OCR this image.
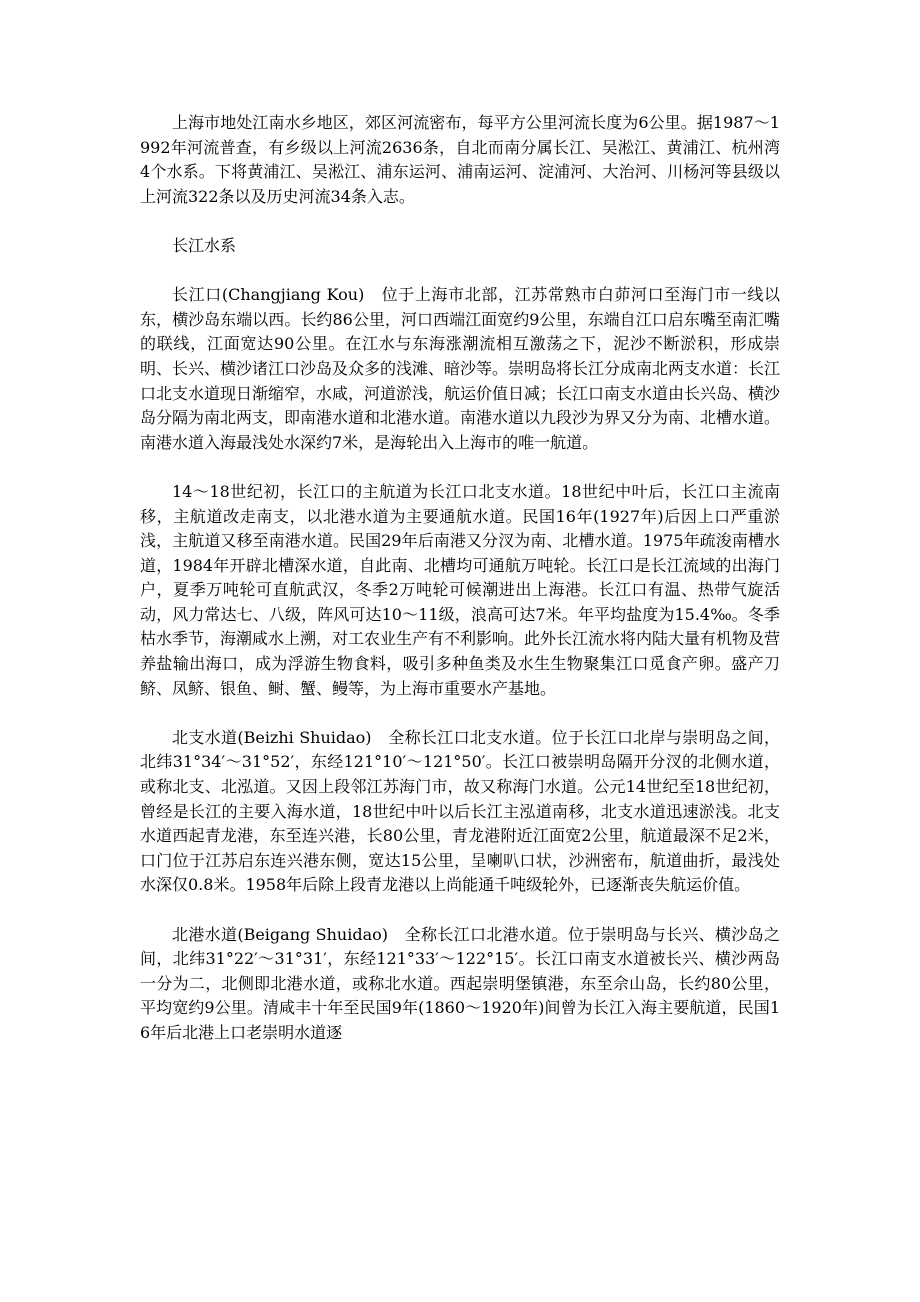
上海市地处江南水乡地区，郊区河流密布，每平方公里河流长度为6公里。据1987～1992年河流普查，有乡级以上河流2636条，自北而南分属长江、吴淞江、黄浦江、杭州湾4个水系。下将黄浦江、吴淞江、浦东运河、浦南运河、淀浦河、大治河、川杨河等县级以上河流322条以及历史河流34条入志。

长江水系

长江口(Changjiang Kou)　位于上海市北部，江苏常熟市白茆河口至海门市一线以东，横沙岛东端以西。长约86公里，河口西端江面宽约9公里，东端自江口启东嘴至南汇嘴的联线，江面宽达90公里。在江水与东海涨潮流相互激荡之下，泥沙不断淤积，形成崇明、长兴、横沙诸江口沙岛及众多的浅滩、暗沙等。崇明岛将长江分成南北两支水道：长江口北支水道现日渐缩窄，水咸，河道淤浅，航运价值日减；长江口南支水道由长兴岛、横沙岛分隔为南北两支，即南港水道和北港水道。南港水道以九段沙为界又分为南、北槽水道。南港水道入海最浅处水深约7米，是海轮出入上海市的唯一航道。

14～18世纪初，长江口的主航道为长江口北支水道。18世纪中叶后，长江口主流南移，主航道改走南支，以北港水道为主要通航水道。民国16年(1927年)后因上口严重淤浅，主航道又移至南港水道。民国29年后南港又分汊为南、北槽水道。1975年疏浚南槽水道，1984年开辟北槽深水道，自此南、北槽均可通航万吨轮。长江口是长江流域的出海门户，夏季万吨轮可直航武汉，冬季2万吨轮可候潮进出上海港。长江口有温、热带气旋活动，风力常达七、八级，阵风可达10～11级，浪高可达7米。年平均盐度为15.4‰。冬季枯水季节，海潮咸水上溯，对工农业生产有不利影响。此外长江流水将内陆大量有机物及营养盐输出海口，成为浮游生物食料，吸引多种鱼类及水生生物聚集江口觅食产卵。盛产刀鲚、凤鲚、银鱼、鲥、蟹、鳗等，为上海市重要水产基地。

北支水道(Beizhi Shuidao)　全称长江口北支水道。位于长江口北岸与崇明岛之间，北纬31°34′～31°52′，东经121°10′～121°50′。长江口被崇明岛隔开分汊的北侧水道，或称北支、北泓道。又因上段邻江苏海门市，故又称海门水道。公元14世纪至18世纪初，曾经是长江的主要入海水道，18世纪中叶以后长江主泓道南移，北支水道迅速淤浅。北支水道西起青龙港，东至连兴港，长80公里，青龙港附近江面宽2公里，航道最深不足2米，口门位于江苏启东连兴港东侧，宽达15公里，呈喇叭口状，沙洲密布，航道曲折，最浅处水深仅0.8米。1958年后除上段青龙港以上尚能通千吨级轮外，已逐渐丧失航运价值。

北港水道(Beigang Shuidao)　全称长江口北港水道。位于崇明岛与长兴、横沙岛之间，北纬31°22′～31°31′，东经121°33′～122°15′。长江口南支水道被长兴、横沙两岛一分为二，北侧即北港水道，或称北水道。西起崇明堡镇港，东至佘山岛，长约80公里，平均宽约9公里。清咸丰十年至民国9年(1860～1920年)间曾为长江入海主要航道，民国16年后北港上口老崇明水道逐
